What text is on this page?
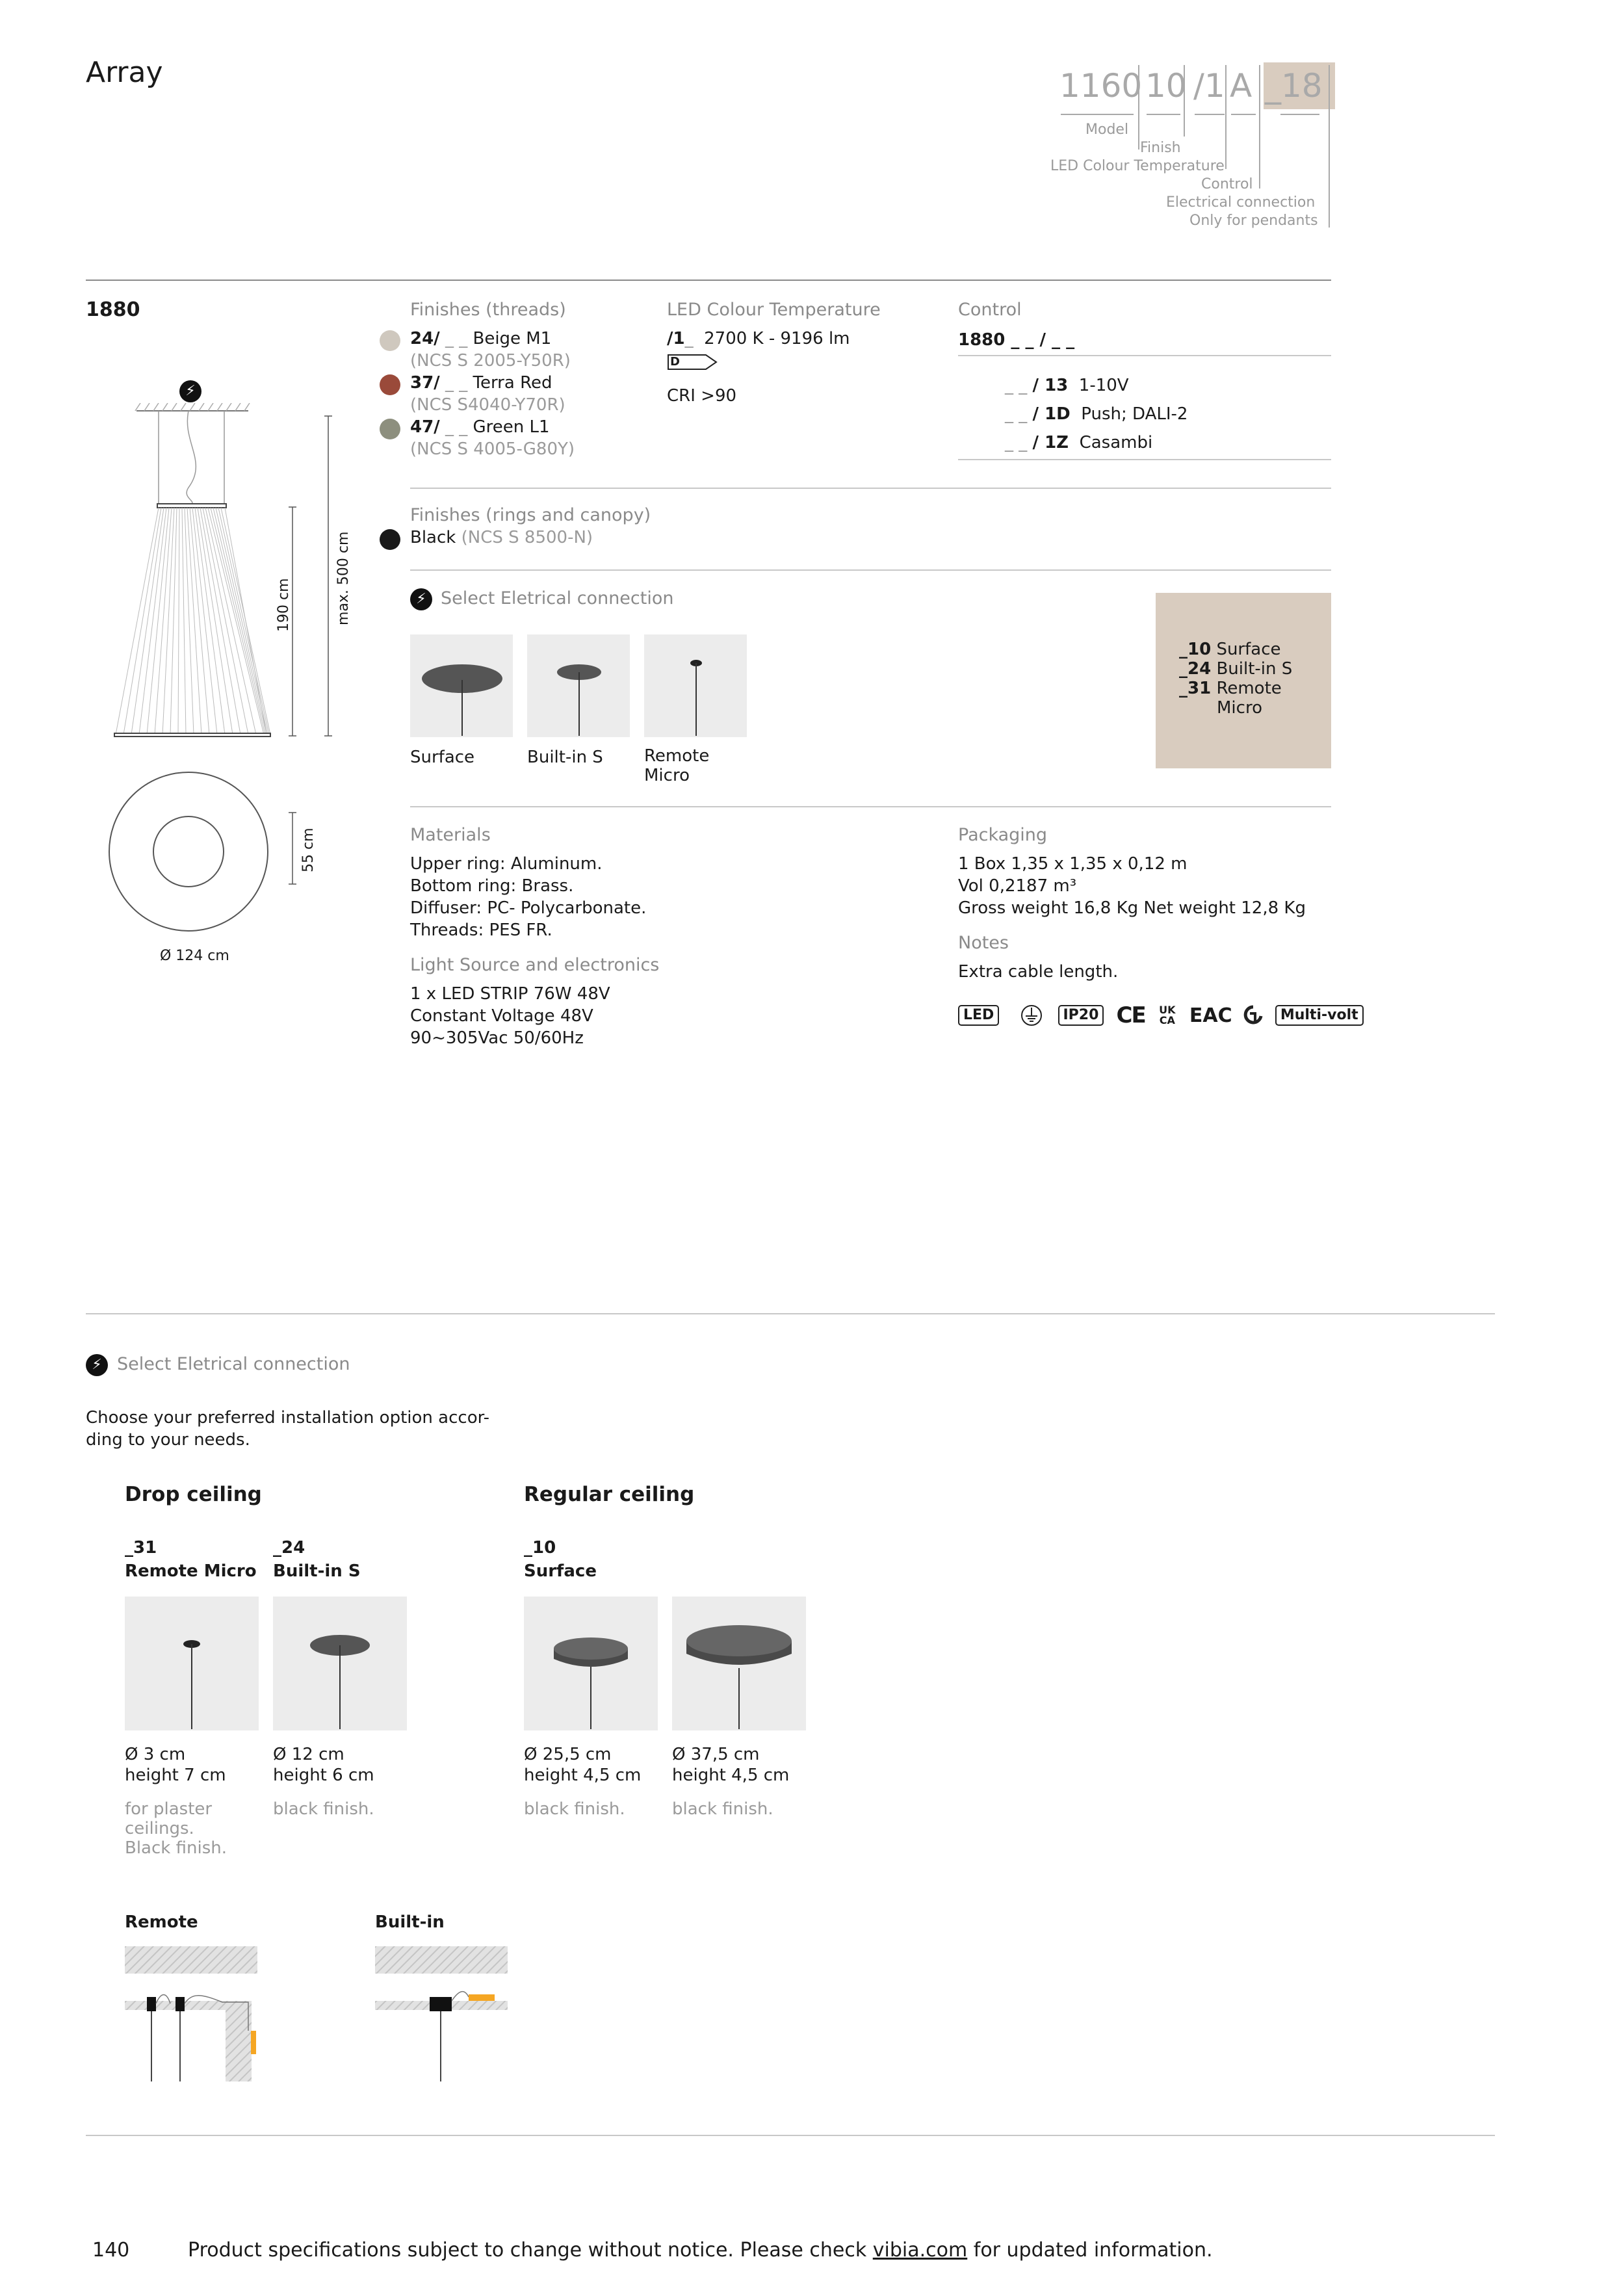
Array	1160 10 /1 A _18
Model
Finish
LED Colour Temperature
Control
Electrical connection
Only for pendants
1880
⚡
190 cm	max. 500 cm
55 cm
Ø 124 cm
Finishes (threads)
24/ _ _ Beige M1
(NCS S 2005-Y50R)
37/ _ _ Terra Red
(NCS S4040-Y70R)
47/ _ _ Green L1
(NCS S 4005-G80Y)
LED Colour Temperature
/1_ 2700 K - 9196 lm
D
CRI >90
Control
1880 _ _ / _ _
_ _ / 13 1-10V
_ _ / 1D Push; DALI-2
_ _ / 1Z Casambi
Finishes (rings and canopy)
Black (NCS S 8500-N)
⚡ Select Eletrical connection
Surface	Built-in S Remote
Micro
_10 Surface
_24 Built-in S
_31 Remote
Micro
Materials
Upper ring: Aluminum.
Bottom ring: Brass.
Diffuser: PC- Polycarbonate.
Threads: PES FR.
Light Source and electronics
1 x LED STRIP 76W 48V
Constant Voltage 48V
90~305Vac 50/60Hz
Packaging
1 Box 1,35 x 1,35 x 0,12 m
Vol 0,2187 m³
Gross weight 16,8 Kg Net weight 12,8 Kg
Notes
Extra cable length.
LED	IP20 CE UK CA EAC	Multi-volt
⚡ Select Eletrical connection
Choose your preferred installation option accor-
ding to your needs.
Drop ceiling	Regular ceiling
_31
Remote Micro
Ø 3 cm
height 7 cm
for plaster
ceilings.
Black finish.
_24
Built-in S
Ø 12 cm
height 6 cm
black finish.
_10
Surface
Ø 25,5 cm
height 4,5 cm
black finish.
Ø 37,5 cm
height 4,5 cm
black finish.
Remote	Built-in
140	Product specifications subject to change without notice. Please check vibia.com for updated information.
